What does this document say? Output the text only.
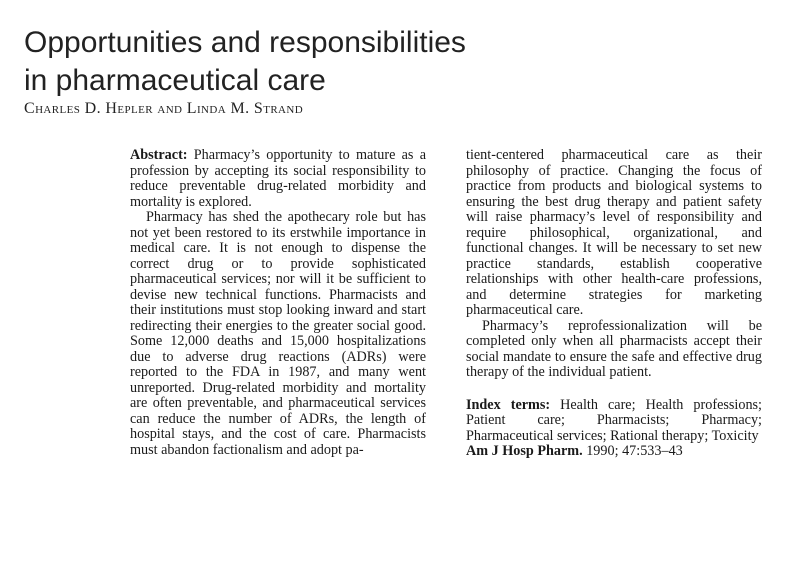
Opportunities and responsibilities
in pharmaceutical care
Charles D. Hepler and Linda M. Strand

Abstract: Pharmacy’s opportunity to mature as a profession by accepting its social responsibility to reduce preventable drug-related morbidity and mortality is explored.

Pharmacy has shed the apothecary role but has not yet been restored to its erstwhile importance in medical care. It is not enough to dispense the correct drug or to provide sophisticated pharmaceutical services; nor will it be sufficient to devise new technical functions. Pharmacists and their institutions must stop looking inward and start redirecting their energies to the greater social good. Some 12,000 deaths and 15,000 hospitalizations due to adverse drug reactions (ADRs) were reported to the FDA in 1987, and many went unreported. Drug-related morbidity and mortality are often preventable, and pharmaceutical services can reduce the number of ADRs, the length of hospital stays, and the cost of care. Pharmacists must abandon factionalism and adopt pa-

tient-centered pharmaceutical care as their philosophy of practice. Changing the focus of practice from products and biological systems to ensuring the best drug therapy and patient safety will raise pharmacy’s level of responsibility and require philosophical, organizational, and functional changes. It will be necessary to set new practice standards, establish cooperative relationships with other health-care professions, and determine strategies for marketing pharmaceutical care.

Pharmacy’s reprofessionalization will be completed only when all pharmacists accept their social mandate to ensure the safe and effective drug therapy of the individual patient.

Index terms: Health care; Health professions; Patient care; Pharmacists; Pharmacy; Pharmaceutical services; Rational therapy; Toxicity

Am J Hosp Pharm. 1990; 47:533–43
